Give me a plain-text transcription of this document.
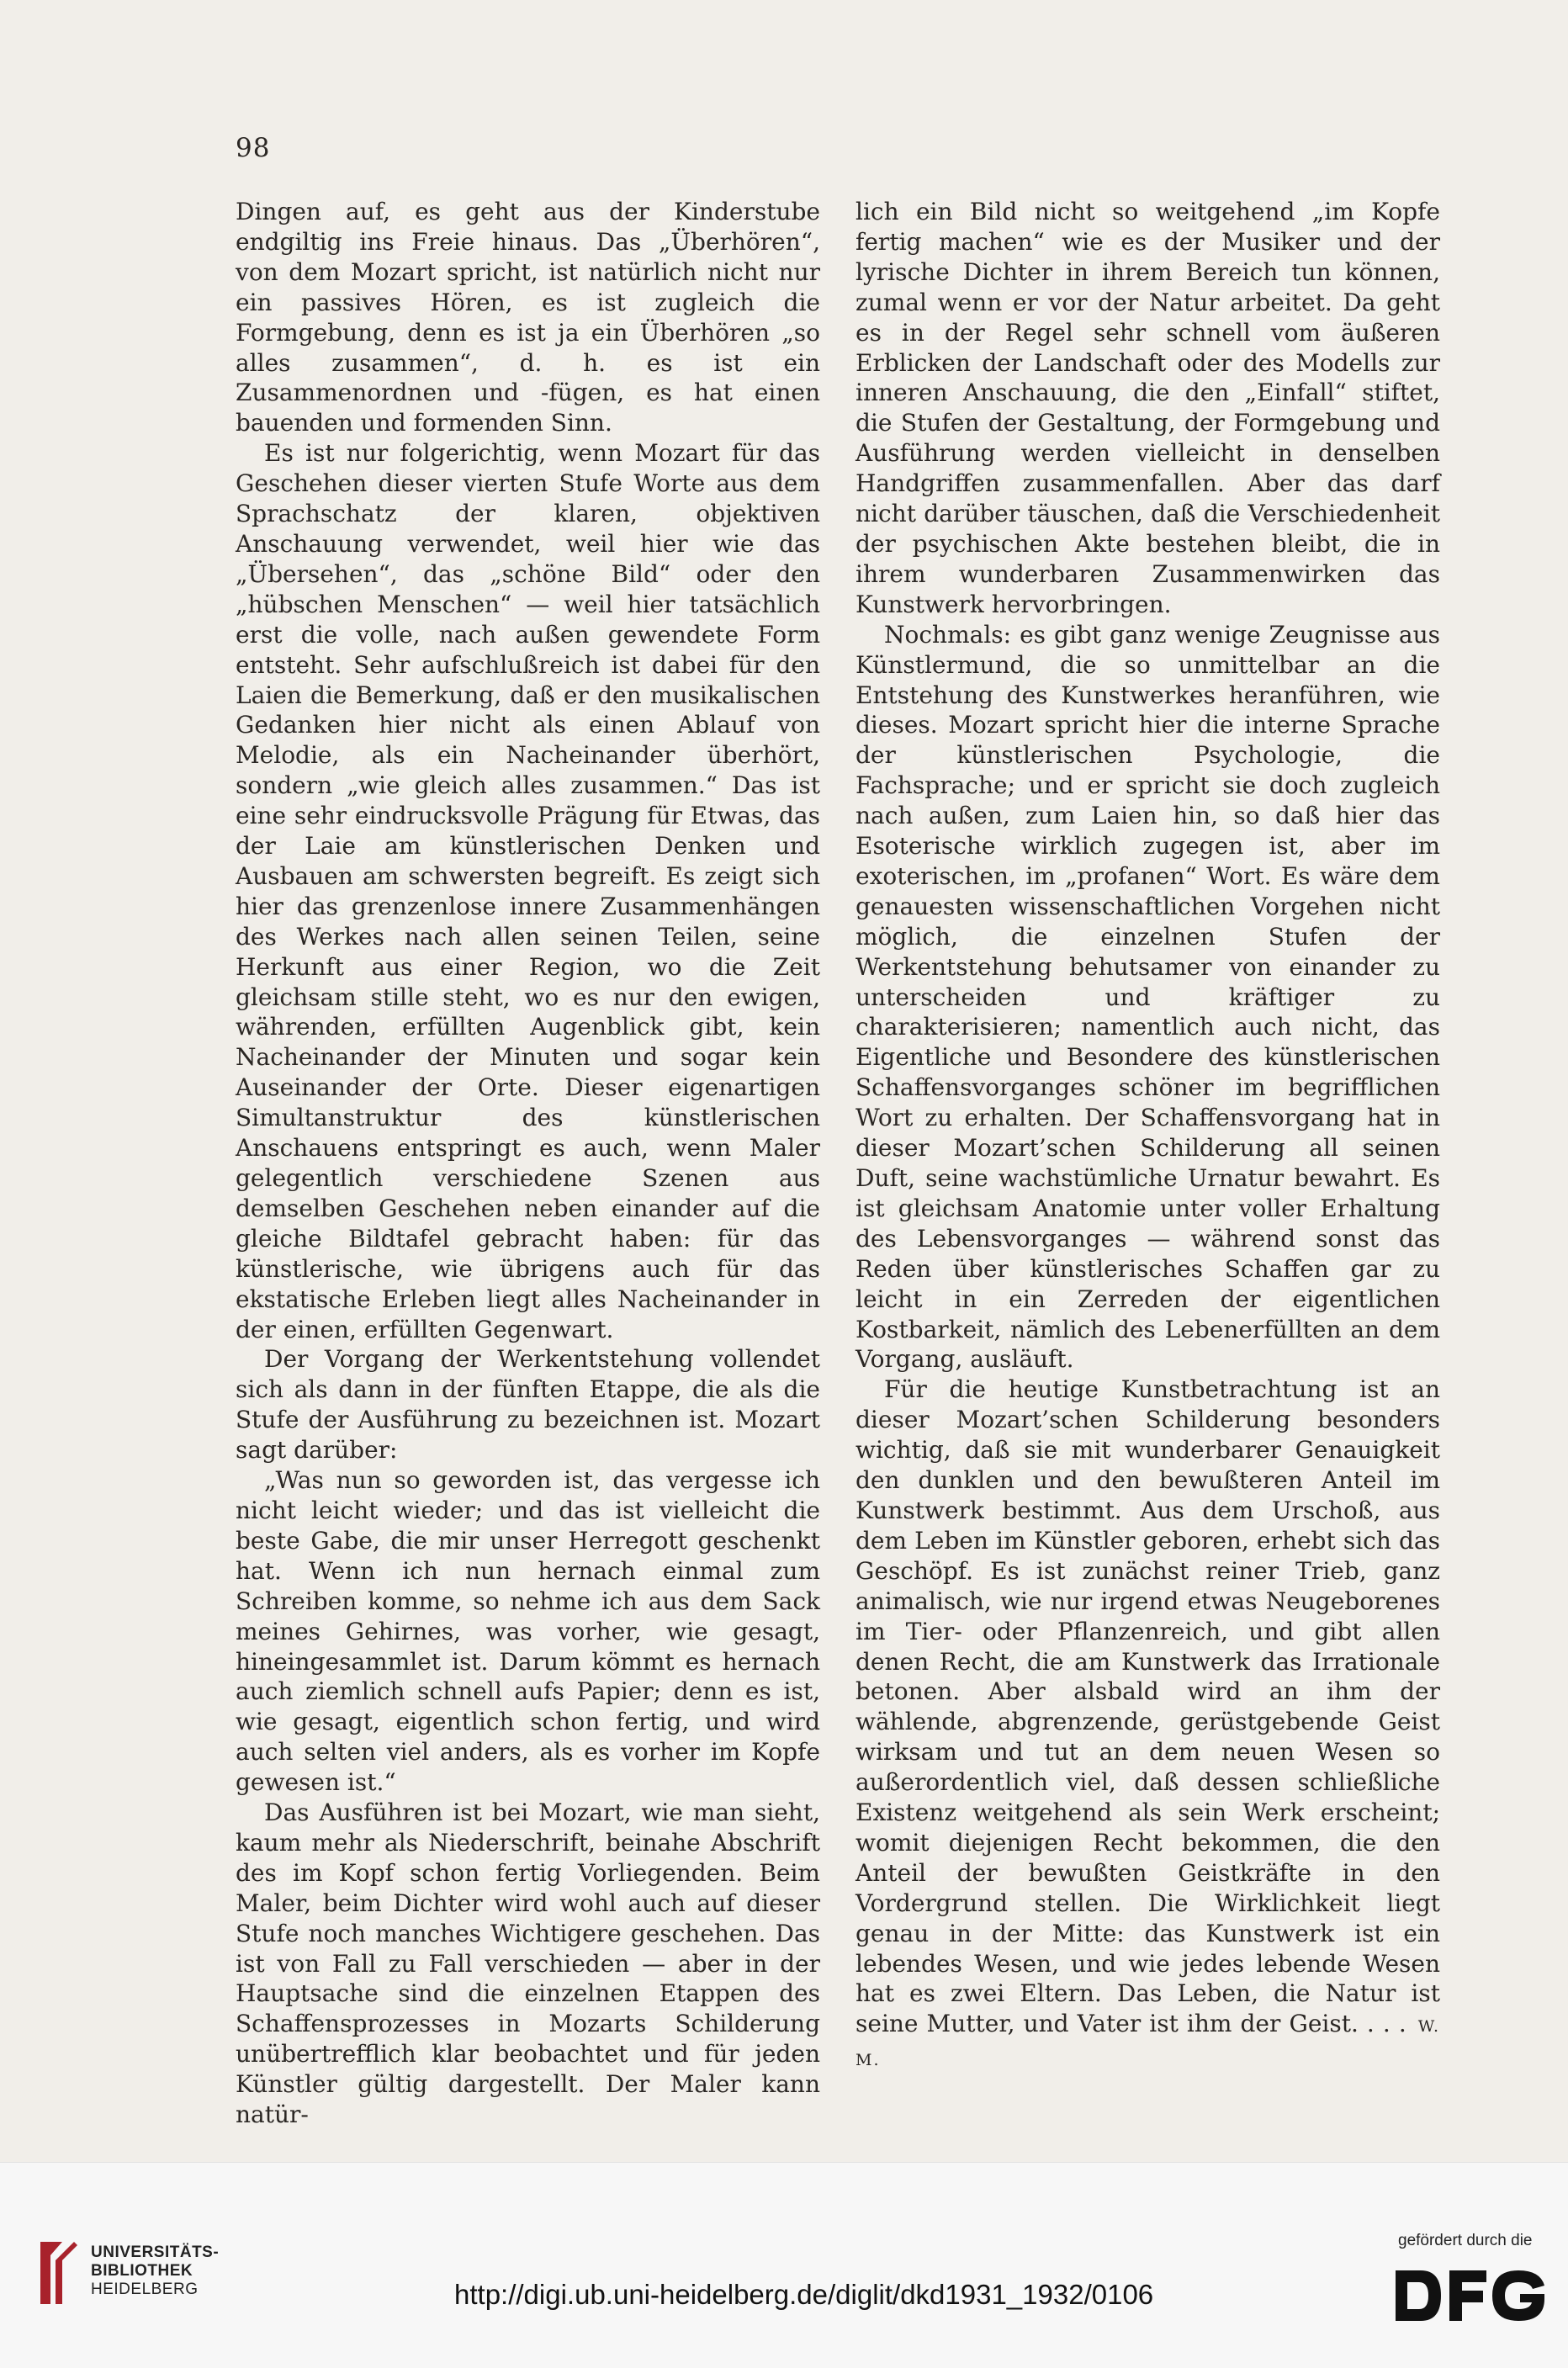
98

Dingen auf, es geht aus der Kinderstube endgiltig ins Freie hinaus. Das „Überhören“, von dem Mozart spricht, ist natürlich nicht nur ein passives Hören, es ist zugleich die Formgebung, denn es ist ja ein Überhören „so alles zusammen“, d. h. es ist ein Zusammenordnen und -fügen, es hat einen bauenden und formenden Sinn.

Es ist nur folgerichtig, wenn Mozart für das Geschehen dieser vierten Stufe Worte aus dem Sprachschatz der klaren, objektiven Anschauung verwendet, weil hier wie das „Übersehen“, das „schöne Bild“ oder den „hübschen Menschen“ — weil hier tatsächlich erst die volle, nach außen gewendete Form entsteht. Sehr aufschlußreich ist dabei für den Laien die Bemerkung, daß er den musikalischen Gedanken hier nicht als einen Ablauf von Melodie, als ein Nacheinander überhört, sondern „wie gleich alles zusammen.“ Das ist eine sehr eindrucksvolle Prägung für Etwas, das der Laie am künstlerischen Denken und Ausbauen am schwersten begreift. Es zeigt sich hier das grenzenlose innere Zusammenhängen des Werkes nach allen seinen Teilen, seine Herkunft aus einer Region, wo die Zeit gleichsam stille steht, wo es nur den ewigen, währenden, erfüllten Augenblick gibt, kein Nacheinander der Minuten und sogar kein Auseinander der Orte. Dieser eigenartigen Simultanstruktur des künstlerischen Anschauens entspringt es auch, wenn Maler gelegentlich verschiedene Szenen aus demselben Geschehen neben einander auf die gleiche Bildtafel gebracht haben: für das künstlerische, wie übrigens auch für das ekstatische Erleben liegt alles Nacheinander in der einen, erfüllten Gegenwart.

Der Vorgang der Werkentstehung vollendet sich als dann in der fünften Etappe, die als die Stufe der Ausführung zu bezeichnen ist. Mozart sagt darüber:

„Was nun so geworden ist, das vergesse ich nicht leicht wieder; und das ist vielleicht die beste Gabe, die mir unser Herregott geschenkt hat. Wenn ich nun hernach einmal zum Schreiben komme, so nehme ich aus dem Sack meines Gehirnes, was vorher, wie gesagt, hineingesammlet ist. Darum kömmt es hernach auch ziemlich schnell aufs Papier; denn es ist, wie gesagt, eigentlich schon fertig, und wird auch selten viel anders, als es vorher im Kopfe gewesen ist.“

Das Ausführen ist bei Mozart, wie man sieht, kaum mehr als Niederschrift, beinahe Abschrift des im Kopf schon fertig Vorliegenden. Beim Maler, beim Dichter wird wohl auch auf dieser Stufe noch manches Wichtigere geschehen. Das ist von Fall zu Fall verschieden — aber in der Hauptsache sind die einzelnen Etappen des Schaffensprozesses in Mozarts Schilderung unübertrefflich klar beobachtet und für jeden Künstler gültig dargestellt. Der Maler kann natür-

lich ein Bild nicht so weitgehend „im Kopfe fertig machen“ wie es der Musiker und der lyrische Dichter in ihrem Bereich tun können, zumal wenn er vor der Natur arbeitet. Da geht es in der Regel sehr schnell vom äußeren Erblicken der Landschaft oder des Modells zur inneren Anschauung, die den „Einfall“ stiftet, die Stufen der Gestaltung, der Formgebung und Ausführung werden vielleicht in denselben Handgriffen zusammenfallen. Aber das darf nicht darüber täuschen, daß die Verschiedenheit der psychischen Akte bestehen bleibt, die in ihrem wunderbaren Zusammenwirken das Kunstwerk hervorbringen.

Nochmals: es gibt ganz wenige Zeugnisse aus Künstlermund, die so unmittelbar an die Entstehung des Kunstwerkes heranführen, wie dieses. Mozart spricht hier die interne Sprache der künstlerischen Psychologie, die Fachsprache; und er spricht sie doch zugleich nach außen, zum Laien hin, so daß hier das Esoterische wirklich zugegen ist, aber im exoterischen, im „profanen“ Wort. Es wäre dem genauesten wissenschaftlichen Vorgehen nicht möglich, die einzelnen Stufen der Werkentstehung behutsamer von einander zu unterscheiden und kräftiger zu charakterisieren; namentlich auch nicht, das Eigentliche und Besondere des künstlerischen Schaffensvorganges schöner im begrifflichen Wort zu erhalten. Der Schaffensvorgang hat in dieser Mozart’schen Schilderung all seinen Duft, seine wachstümliche Urnatur bewahrt. Es ist gleichsam Anatomie unter voller Erhaltung des Lebensvorganges — während sonst das Reden über künstlerisches Schaffen gar zu leicht in ein Zerreden der eigentlichen Kostbarkeit, nämlich des Lebenerfüllten an dem Vorgang, ausläuft.

Für die heutige Kunstbetrachtung ist an dieser Mozart’schen Schilderung besonders wichtig, daß sie mit wunderbarer Genauigkeit den dunklen und den bewußteren Anteil im Kunstwerk bestimmt. Aus dem Urschoß, aus dem Leben im Künstler geboren, erhebt sich das Geschöpf. Es ist zunächst reiner Trieb, ganz animalisch, wie nur irgend etwas Neugeborenes im Tier- oder Pflanzenreich, und gibt allen denen Recht, die am Kunstwerk das Irrationale betonen. Aber alsbald wird an ihm der wählende, abgrenzende, gerüstgebende Geist wirksam und tut an dem neuen Wesen so außerordentlich viel, daß dessen schließliche Existenz weitgehend als sein Werk erscheint; womit diejenigen Recht bekommen, die den Anteil der bewußten Geistkräfte in den Vordergrund stellen. Die Wirklichkeit liegt genau in der Mitte: das Kunstwerk ist ein lebendes Wesen, und wie jedes lebende Wesen hat es zwei Eltern. Das Leben, die Natur ist seine Mutter, und Vater ist ihm der Geist. . . . W. M.

UNIVERSITÄTS-
BIBLIOTHEK
HEIDELBERG	http://digi.ub.uni-heidelberg.de/diglit/dkd1931_1932/0106
gefördert durch die
